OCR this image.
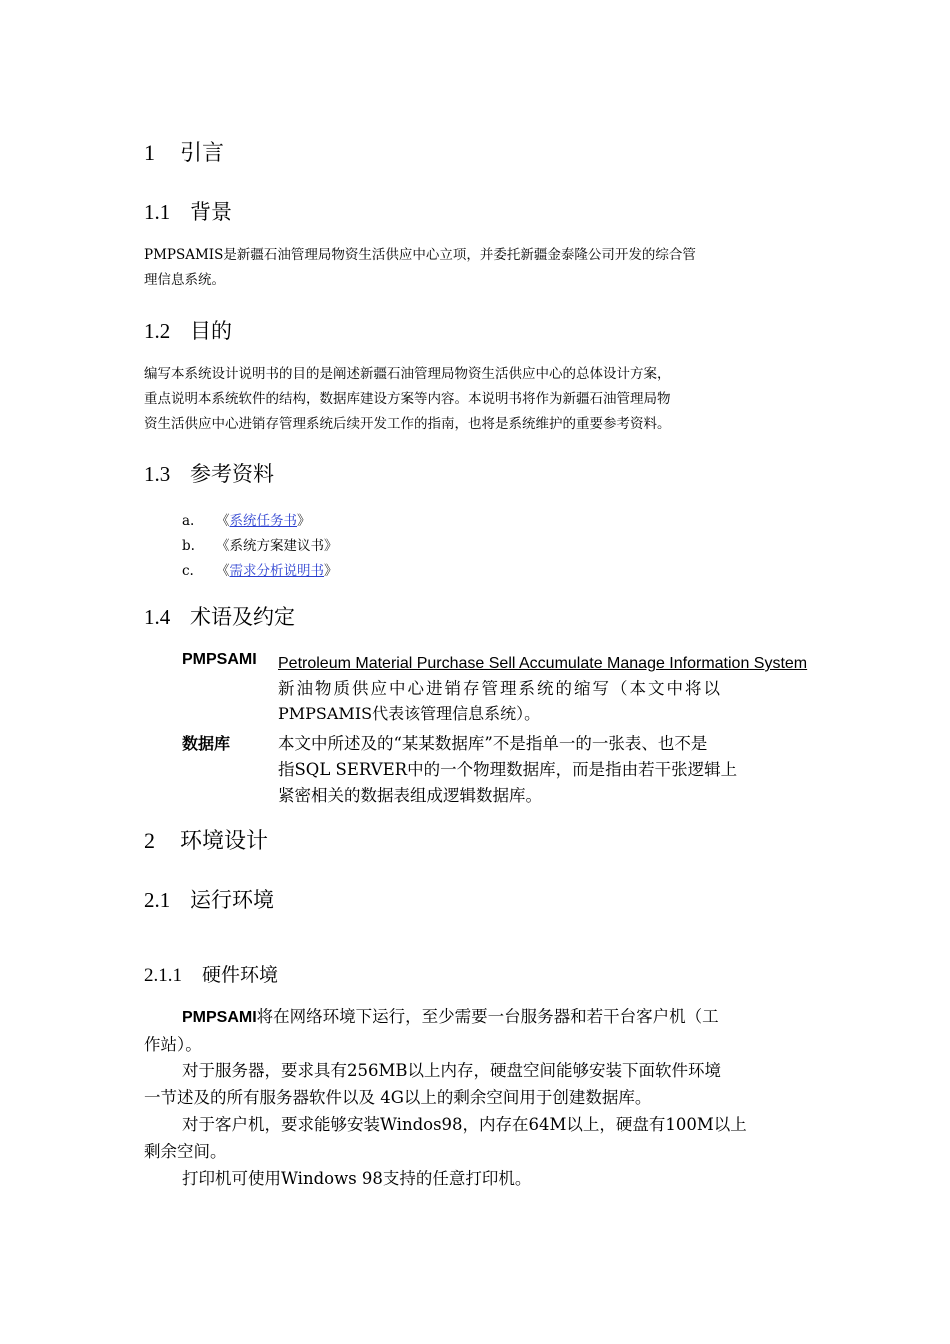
1 引言
1.1 背景
PMPSAMIS是新疆石油管理局物资生活供应中心立项，并委托新疆金泰隆公司开发的综合管
理信息系统。
1.2 目的
编写本系统设计说明书的目的是阐述新疆石油管理局物资生活供应中心的总体设计方案，
重点说明本系统软件的结构，数据库建设方案等内容。本说明书将作为新疆石油管理局物
资生活供应中心进销存管理系统后续开发工作的指南，也将是系统维护的重要参考资料。
1.3 参考资料
a. 《系统任务书》
b. 《系统方案建议书》
c. 《需求分析说明书》
1.4 术语及约定
PMPSAMI Petroleum Material Purchase Sell Accumulate Manage Information System
新油物质供应中心进销存管理系统的缩写（本文中将以
PMPSAMIS代表该管理信息系统）。
数据库	本文中所述及的“某某数据库”不是指单一的一张表、也不是
指SQL SERVER中的一个物理数据库，而是指由若干张逻辑上
紧密相关的数据表组成逻辑数据库。
2 环境设计
2.1 运行环境
2.1.1 硬件环境
PMPSAMI将在网络环境下运行，至少需要一台服务器和若干台客户机（工
作站）。
对于服务器，要求具有256MB以上内存，硬盘空间能够安装下面软件环境
一节述及的所有服务器软件以及 4G以上的剩余空间用于创建数据库。
对于客户机，要求能够安装Windos98，内存在64M以上，硬盘有100M以上
剩余空间。
打印机可使用Windows 98支持的任意打印机。
